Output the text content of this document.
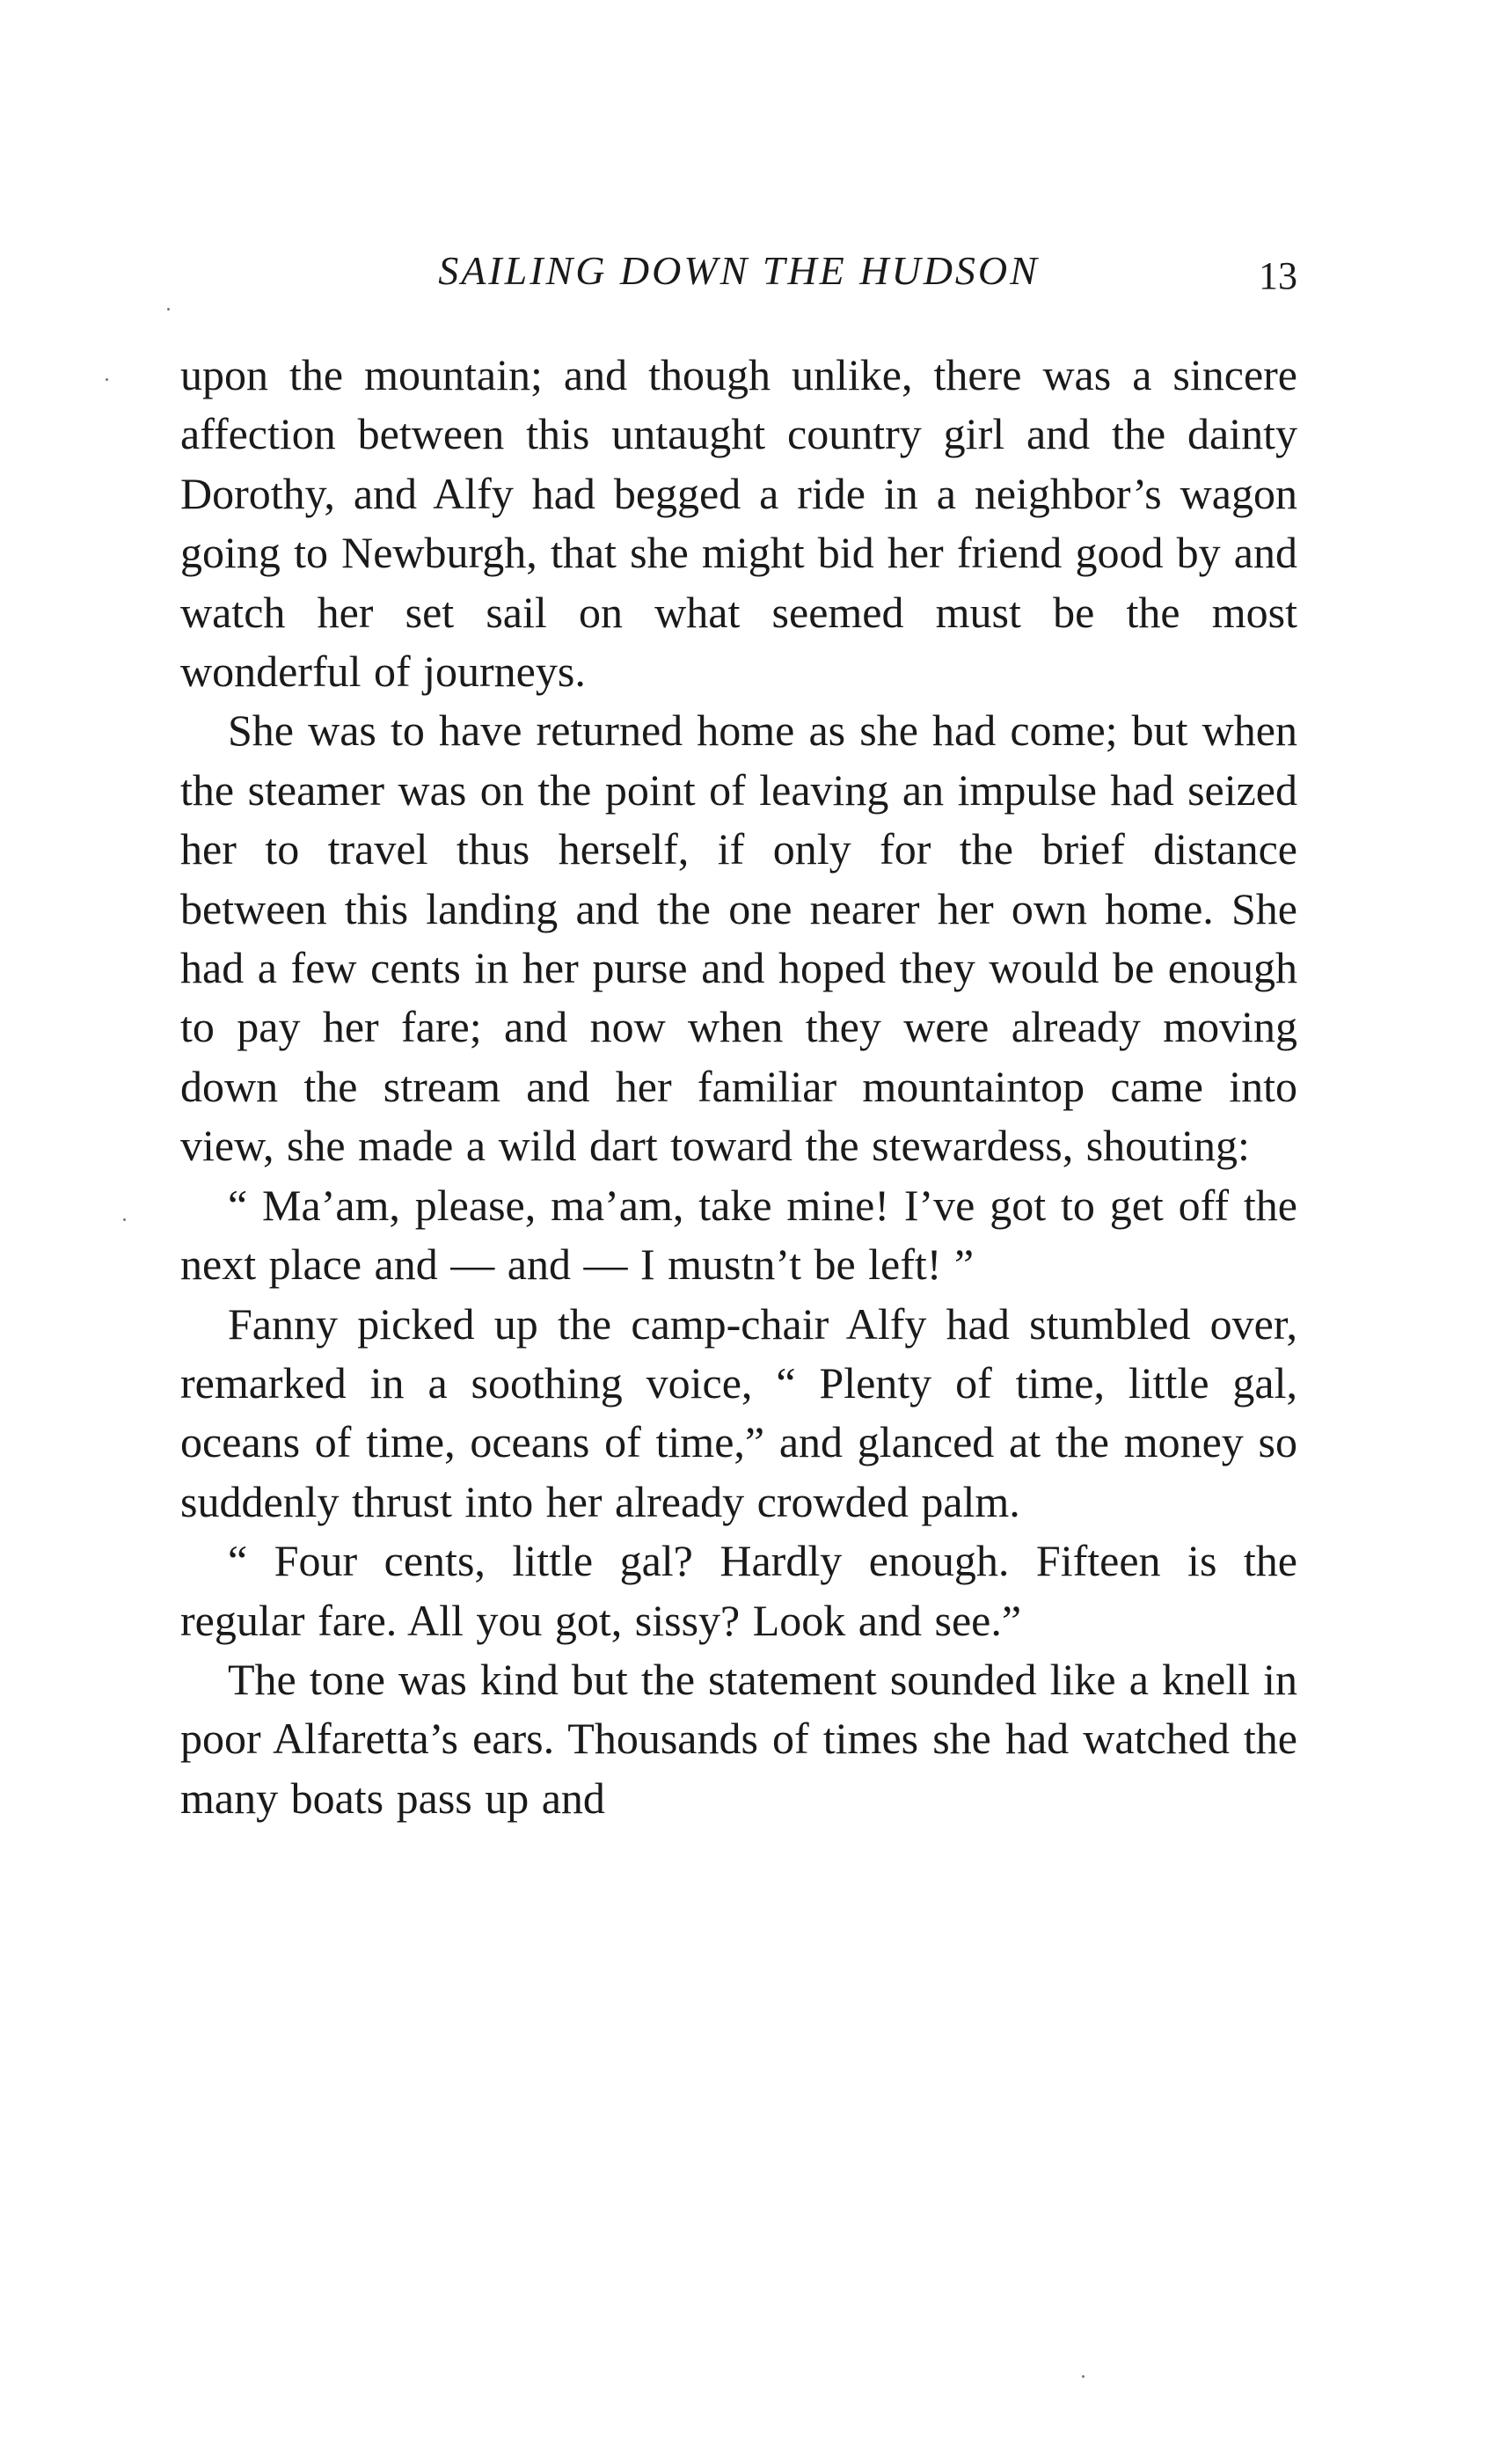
SAILING DOWN THE HUDSON	13

upon the mountain; and though unlike, there was a sincere affection between this untaught country girl and the dainty Dorothy, and Alfy had begged a ride in a neighbor’s wagon going to Newburgh, that she might bid her friend good by and watch her set sail on what seemed must be the most wonderful of journeys.

She was to have returned home as she had come; but when the steamer was on the point of leaving an impulse had seized her to travel thus herself, if only for the brief distance between this landing and the one nearer her own home. She had a few cents in her purse and hoped they would be enough to pay her fare; and now when they were already moving down the stream and her familiar mountaintop came into view, she made a wild dart toward the stewardess, shouting:

“ Ma’am, please, ma’am, take mine! I’ve got to get off the next place and — and — I mustn’t be left! ”

Fanny picked up the camp-chair Alfy had stumbled over, remarked in a soothing voice, “ Plenty of time, little gal, oceans of time, oceans of time,” and glanced at the money so suddenly thrust into her already crowded palm.

“ Four cents, little gal? Hardly enough. Fifteen is the regular fare. All you got, sissy? Look and see.”

The tone was kind but the statement sounded like a knell in poor Alfaretta’s ears. Thousands of times she had watched the many boats pass up and
